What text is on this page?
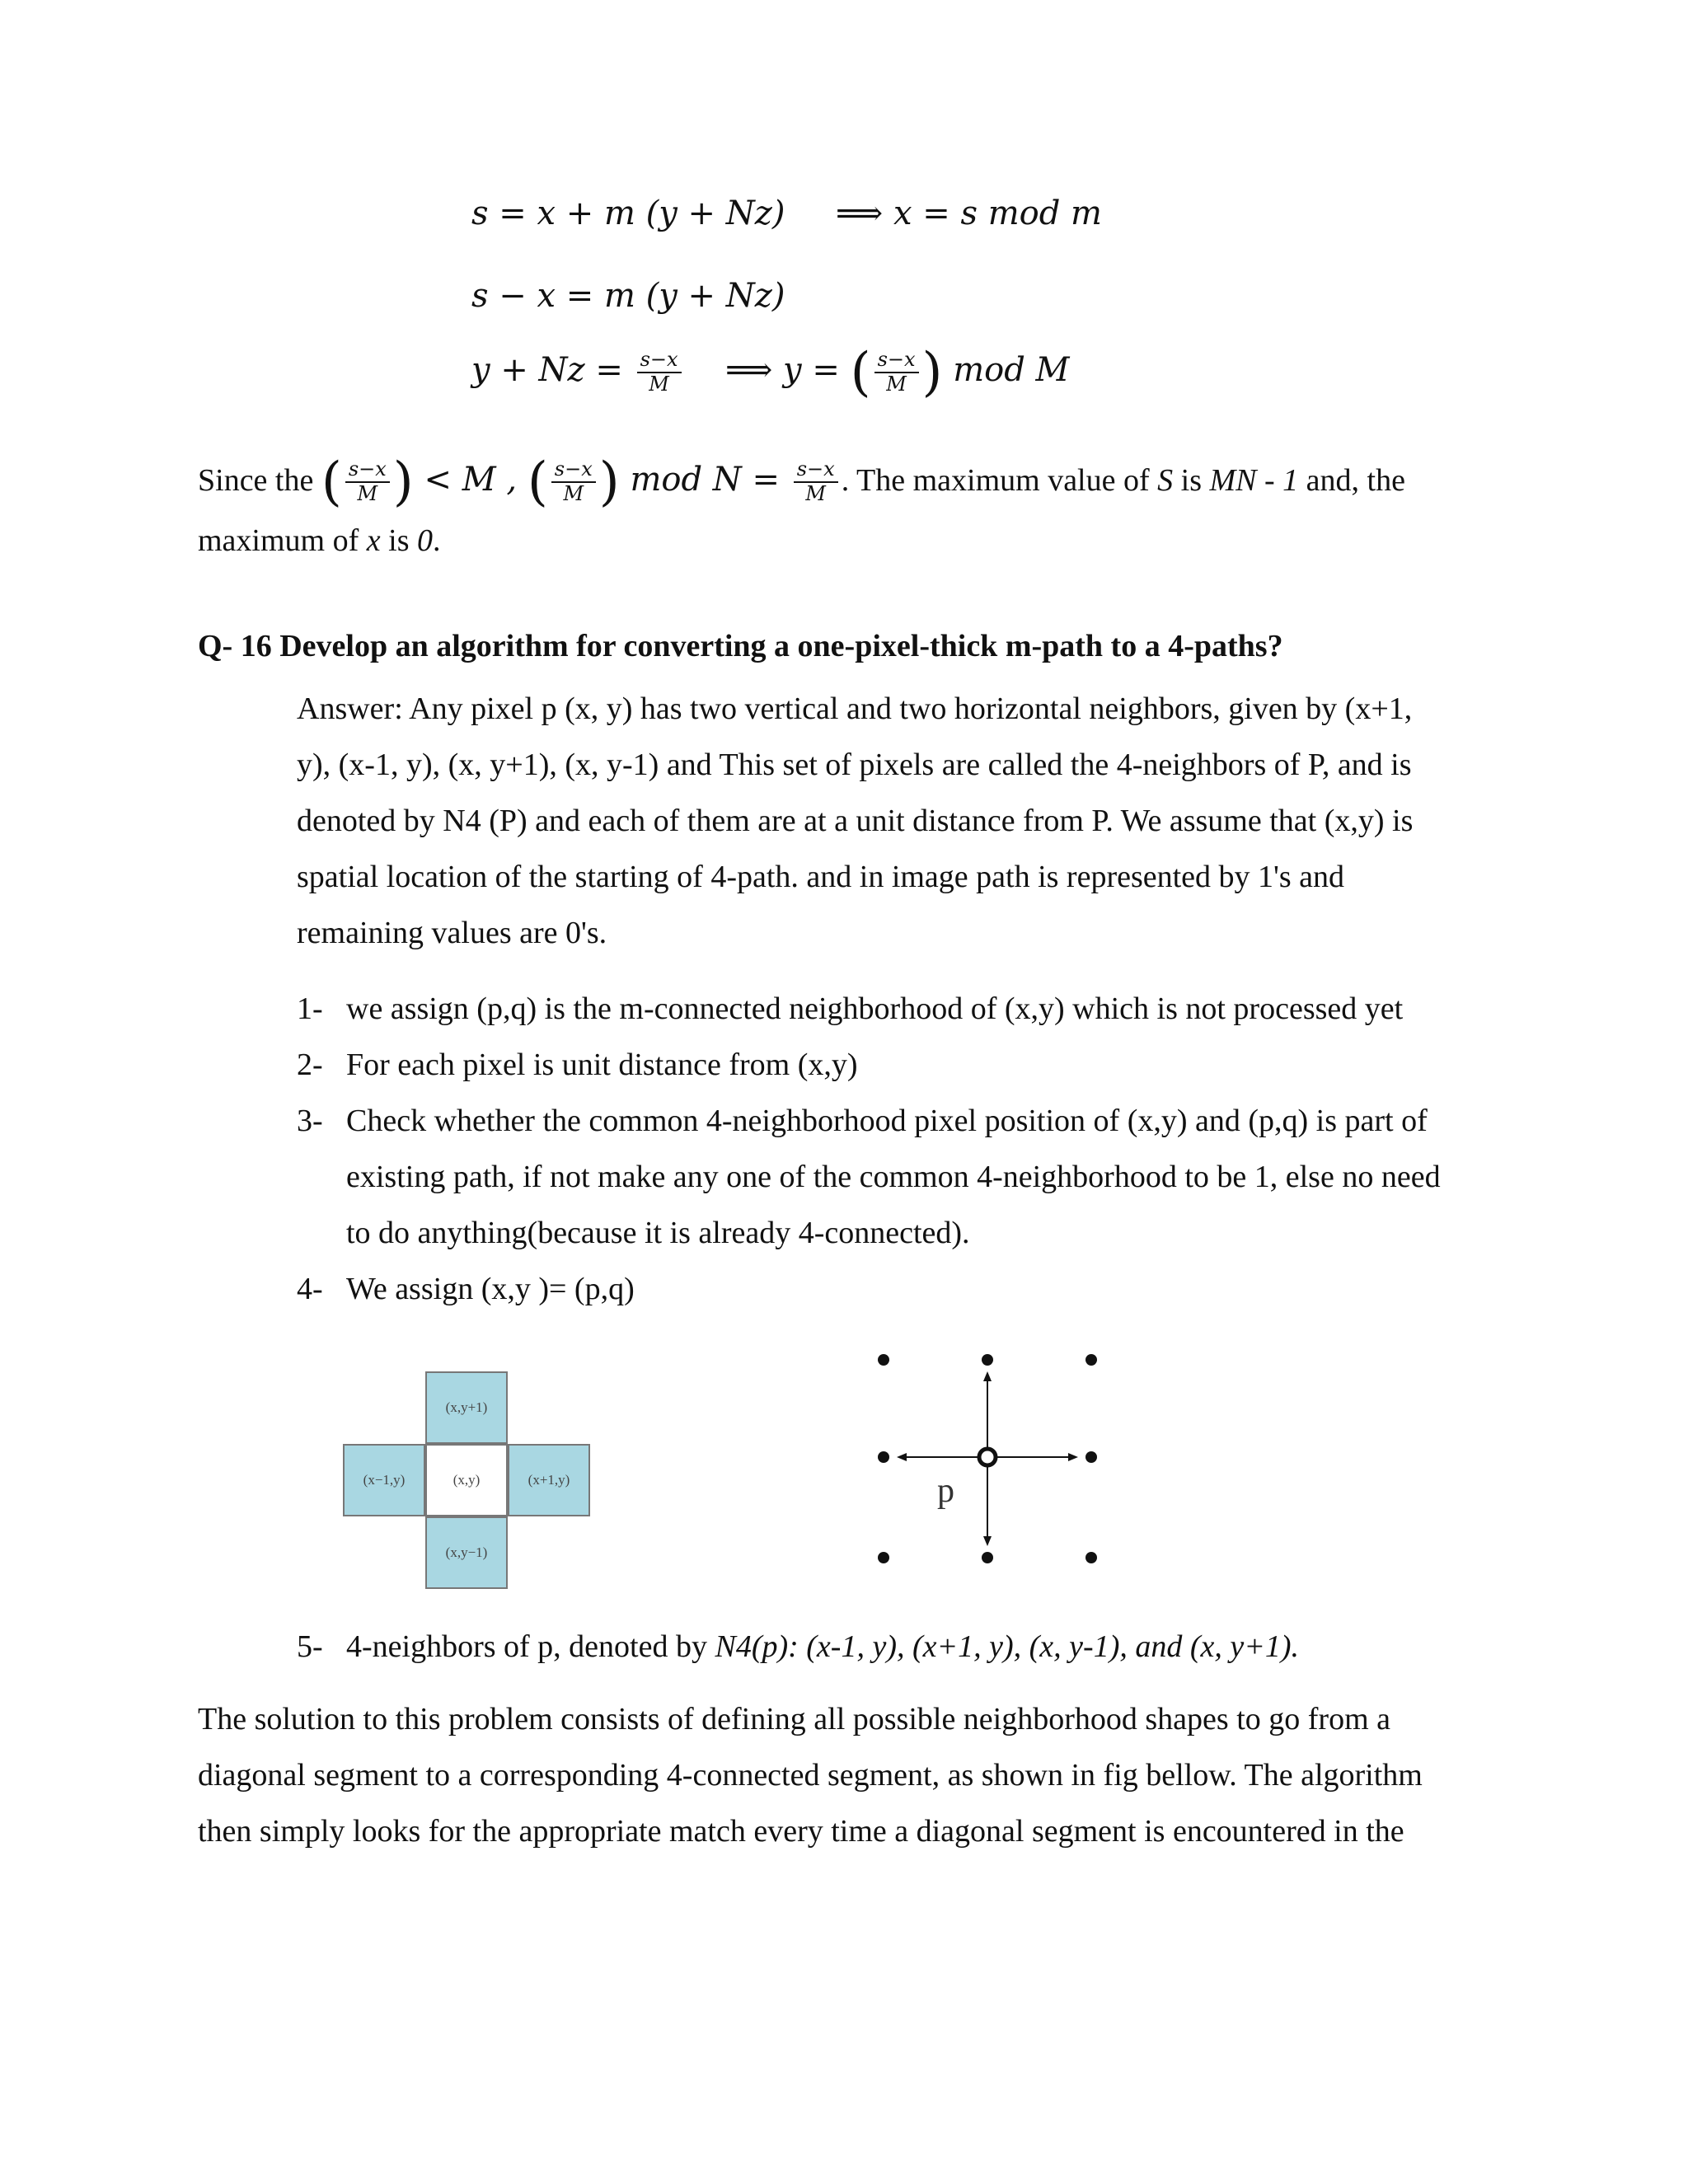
s = x + m (y + Nz) ⟹ x = s mod m
s − x = m (y + Nz)
$y + Nz = \frac{s-x}{M}$ ⟹ y = ( $\frac{s-x}{M}$ ) mod M
Since the ( $\frac{s-x}{M}$ ) < M , ( $\frac{s-x}{M}$ ) mod $N = \frac{s-x}{M}$ . The maximum value of S is MN - 1 and, the
maximum of x is 0.
Q- 16 Develop an algorithm for converting a one-pixel-thick m-path to a 4-paths?
Answer: Any pixel p (x, y) has two vertical and two horizontal neighbors, given by (x+1,
y), (x-1, y), (x, y+1), (x, y-1) and This set of pixels are called the 4-neighbors of P, and is
denoted by N4 (P) and each of them are at a unit distance from P. We assume that (x,y) is
spatial location of the starting of 4-path. and in image path is represented by 1's and
remaining values are 0's.
1- we assign (p,q) is the m-connected neighborhood of (x,y) which is not processed yet
2- For each pixel is unit distance from (x,y)
3- Check whether the common 4-neighborhood pixel position of (x,y) and (p,q) is part of
existing path, if not make any one of the common 4-neighborhood to be 1, else no need
to do anything(because it is already 4-connected).
4- We assign (x,y )= (p,q)
(x,y+1)
(x−1,y)	(x,y)	(x+1,y)
(x,y−1)
p
5- 4-neighbors of p, denoted by N4(p): (x-1, y), (x+1, y), (x, y-1), and (x, y+1).
The solution to this problem consists of defining all possible neighborhood shapes to go from a
diagonal segment to a corresponding 4-connected segment, as shown in fig bellow. The algorithm
then simply looks for the appropriate match every time a diagonal segment is encountered in the
